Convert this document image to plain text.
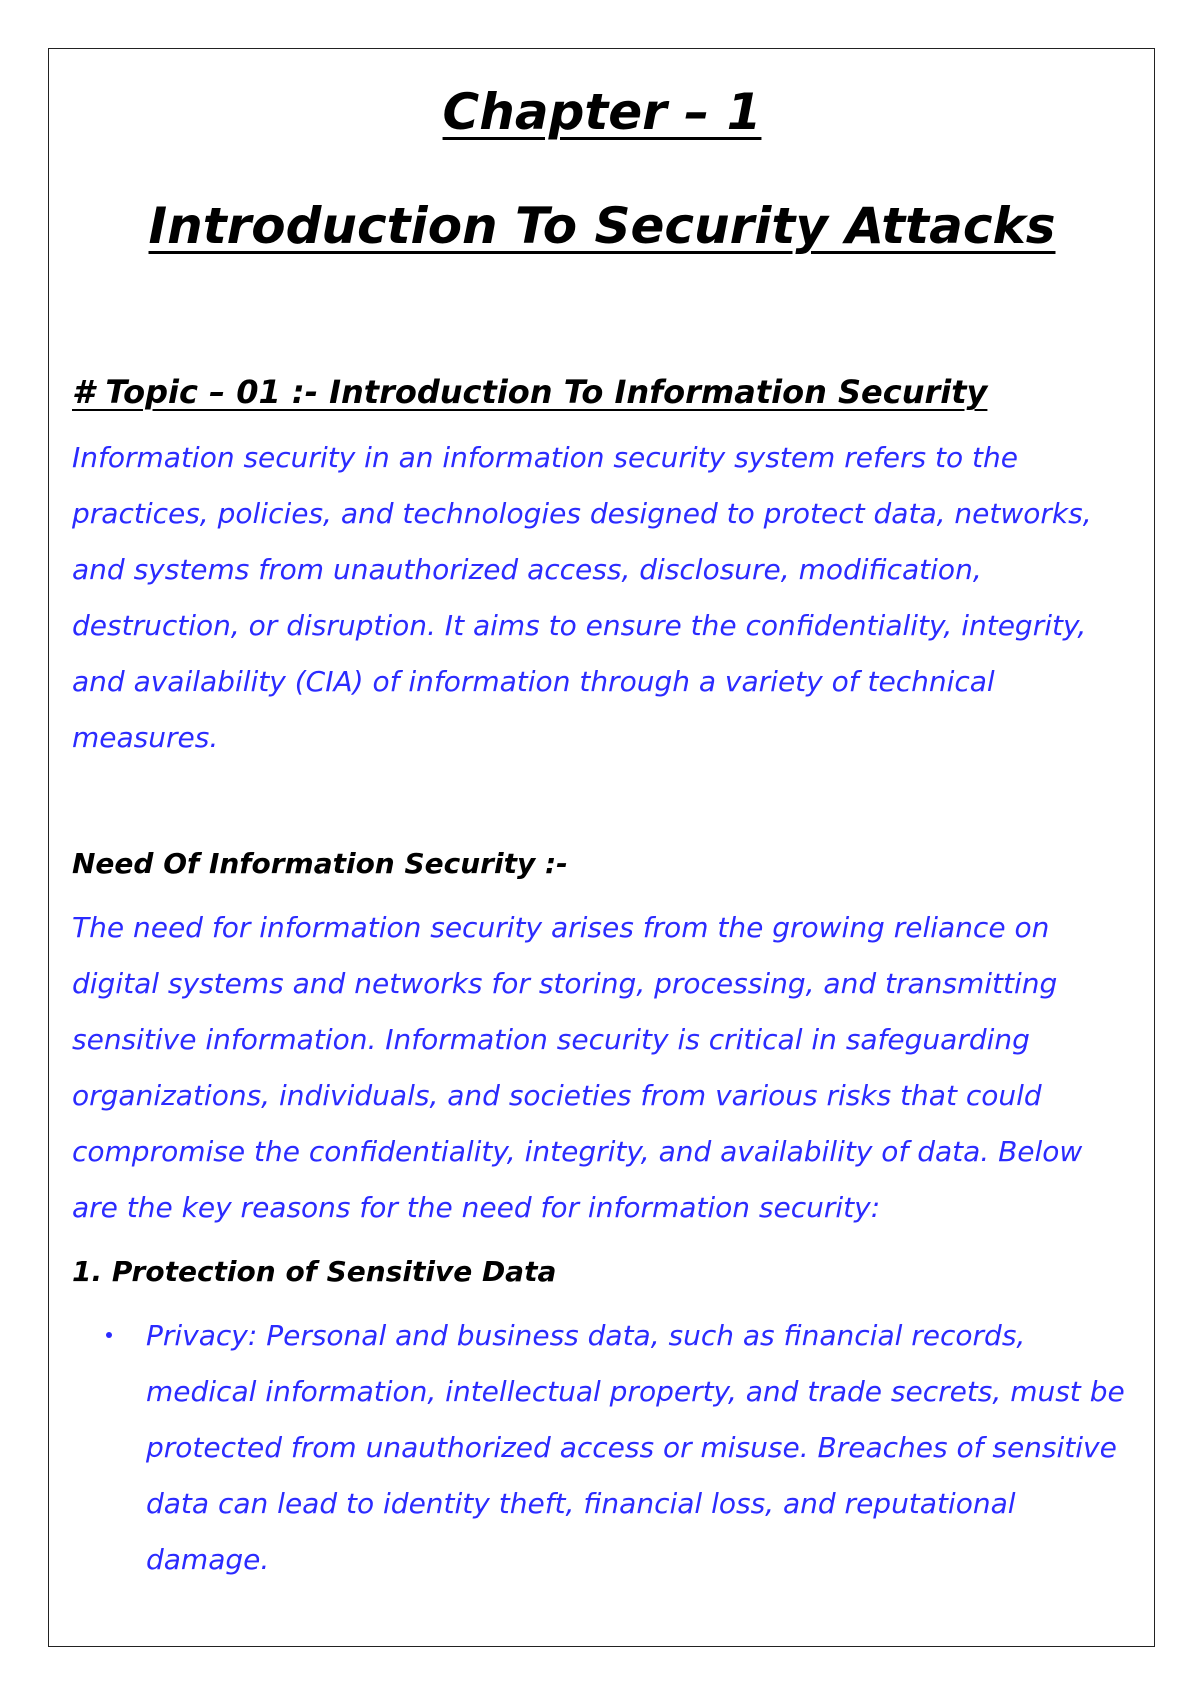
Chapter – 1
Introduction To Security Attacks
# Topic – 01 :- Introduction To Information Security

Information security in an information security system refers to the practices, policies, and technologies designed to protect data, networks, and systems from unauthorized access, disclosure, modification, destruction, or disruption. It aims to ensure the confidentiality, integrity, and availability (CIA) of information through a variety of technical measures.

Need Of Information Security :-

The need for information security arises from the growing reliance on digital systems and networks for storing, processing, and transmitting sensitive information. Information security is critical in safeguarding organizations, individuals, and societies from various risks that could compromise the confidentiality, integrity, and availability of data. Below are the key reasons for the need for information security:

1. Protection of Sensitive Data
Privacy: Personal and business data, such as financial records, medical information, intellectual property, and trade secrets, must be protected from unauthorized access or misuse. Breaches of sensitive data can lead to identity theft, financial loss, and reputational damage.
